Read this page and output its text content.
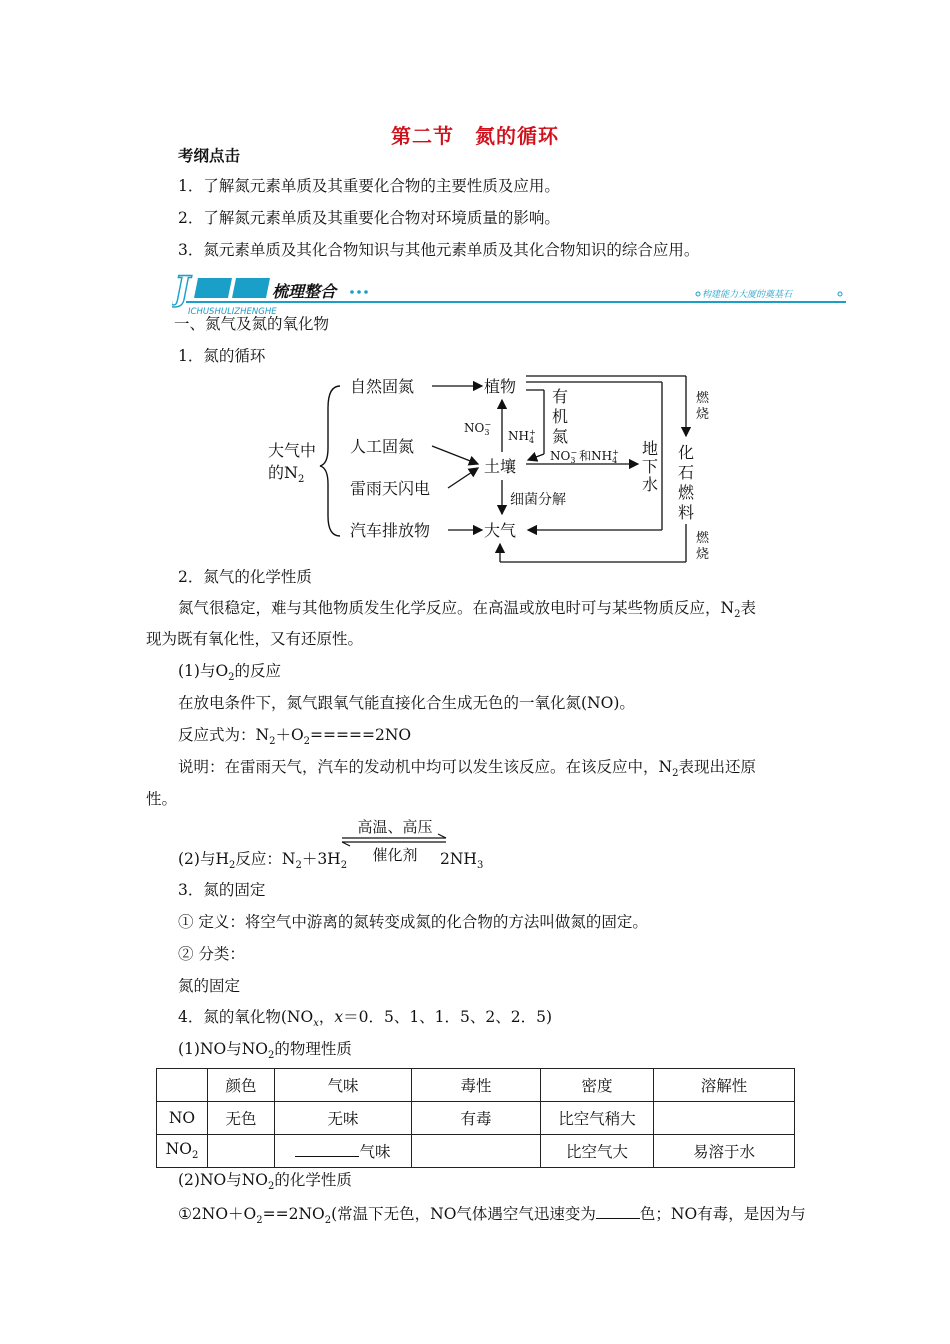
第二节　氮的循环
考纲点击
1．了解氮元素单质及其重要化合物的主要性质及应用。
2．了解氮元素单质及其重要化合物对环境质量的影响。
3．氮元素单质及其化合物知识与其他元素单质及其化合物知识的综合应用。
J	梳理整合
ICHUSHULIZHENGHE
构建能力大厦的奠基石
一、氮气及氮的氧化物
1．氮的循环
大气中
的$N_2$
自然固氮
人工固氮
雷雨天闪电
汽车排放物
植物
土壤
大气
$NO_3-$
$NH_4+$
有
机
氮
$NO_3-$ 和$NH_4+$ 地
下
水
细菌分解
燃
烧
化
石
燃
料
燃
烧
2．氮气的化学性质
氮气很稳定，难与其他物质发生化学反应。在高温或放电时可与某些物质反应，$N_2$表
现为既有氧化性，又有还原性。
(1)与$O_2$的反应
在放电条件下，氮气跟氧气能直接化合生成无色的一氧化氮(NO)。
反应式为：$N_2+O_2=====2NO$
说明：在雷雨天气，汽车的发动机中均可以发生该反应。在该反应中，$N_2$表现出还原
性。
高温、高压
催化剂
(2)与$H_2$反应：$N_2+3H_2$	$2NH_3$
3．氮的固定
① 定义：将空气中游离的氮转变成氮的化合物的方法叫做氮的固定。
② 分类：
氮的固定
4．氮的氧化物($NO_x$，x＝0．5、1、1．5、2、2．5)
(1)NO与$NO_2$的物理性质
	颜色	气味	毒性	密度	溶解性
NO	无色	无味	有毒	比空气稍大	
$NO_2$		气味		比空气大	易溶于水
(2)NO与$NO_2$的化学性质
$①2NO+O_2==2NO_2$(常温下无色，NO气体遇空气迅速变为	色；NO有毒，是因为与
